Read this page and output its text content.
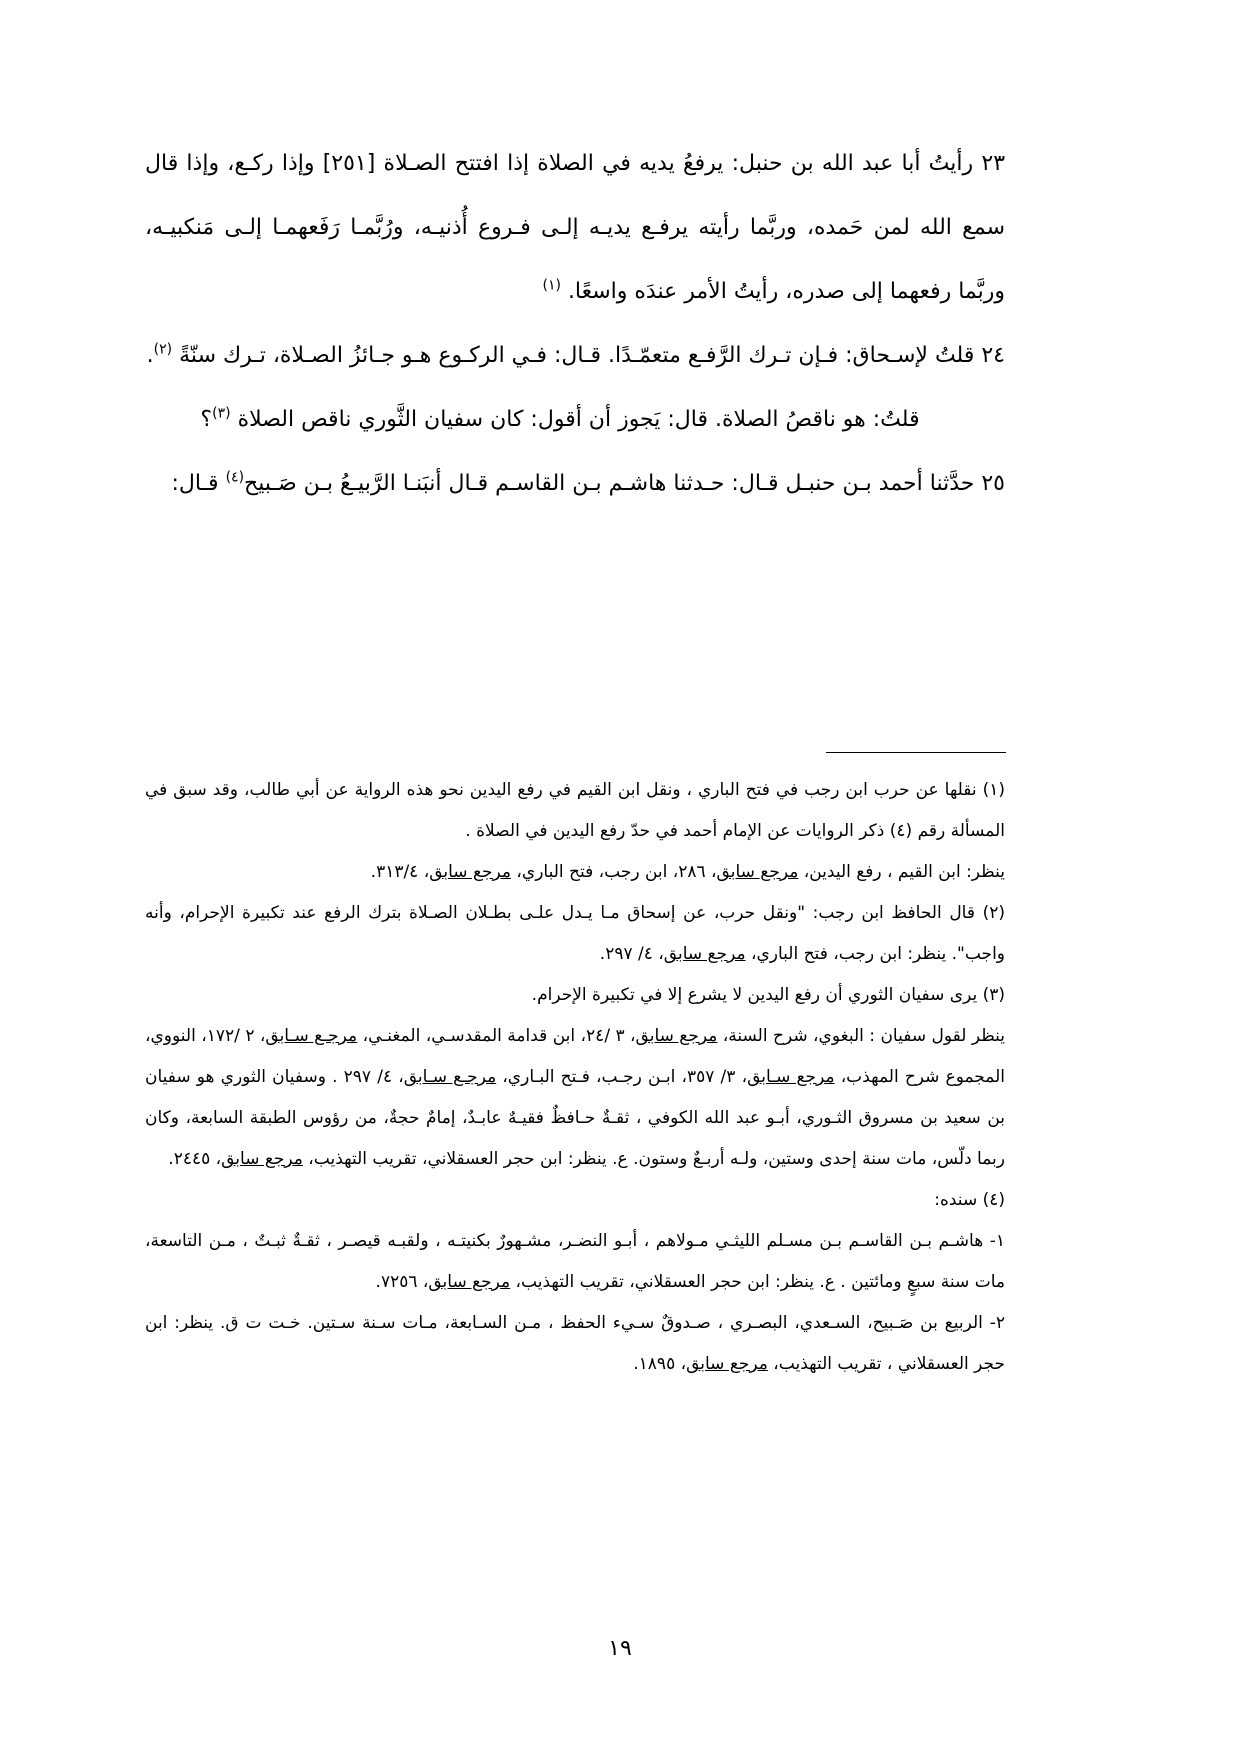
٢٣ رأيتُ أبا عبد الله بن حنبل: يرفعُ يديه في الصلاة إذا افتتح الصـلاة [٢٥١] وإذا ركـع، وإذا قال سمع الله لمن حَمده، وربَّما رأيته يرفـع يديـه إلـى فـروع أُذنيـه، ورُبَّمـا رَفَعهمـا إلـى مَنكبيـه، وربَّما رفعهما إلى صدره، رأيتُ الأمر عندَه واسعًا. $^{(١)}$

٢٤ قلتُ لإسـحاق: فـإن تـرك الرَّفـع متعمّـدًا. قـال: فـي الركـوع هـو جـائزُ الصـلاة، تـرك سنّةً $^{(٢)}$.

قلتُ: هو ناقصُ الصلاة. قال: يَجوز أن أقول: كان سفيان الثَّوري ناقص الصلاة $^{(٣)}$؟

٢٥ حدَّثنا أحمد بـن حنبـل قـال: حـدثنا هاشـم بـن القاسـم قـال أنبَنـا الرَّبيـعُ بـن صَـبيح$^{(٤)}$ قـال:

(١) نقلها عن حرب ابن رجب في فتح الباري ، ونقل ابن القيم في رفع اليدين نحو هذه الرواية عن أبي طالب، وقد سبق في المسألة رقم (٤) ذكر الروايات عن الإمام أحمد في حدّ رفع اليدين في الصلاة .

ينظر: ابن القيم ، رفع اليدين، مرجع سابق، ٢٨٦، ابن رجب، فتح الباري، مرجع سابق، ٣١٣/٤.

(٢) قال الحافظ ابن رجب: "ونقل حرب، عن إسحاق مـا يـدل علـى بطـلان الصـلاة بترك الرفع عند تكبيرة الإحرام، وأنه واجب". ينظر: ابن رجب، فتح الباري، مرجع سابق، ٤/ ٢٩٧.

(٣) يرى سفيان الثوري أن رفع اليدين لا يشرع إلا في تكبيرة الإحرام.

ينظر لقول سفيان : البغوي، شرح السنة، مرجع سابق، ٣ /٢٤، ابن قدامة المقدسـي، المغنـي، مرجـع سـابق، ٢ /١٧٢، النووي، المجموع شرح المهذب، مرجع سـابق، ٣/ ٣٥٧، ابـن رجـب، فـتح البـاري، مرجـع سـابق، ٤/ ٢٩٧ . وسفيان الثوري هو سفيان بن سعيد بن مسروق الثـوري، أبـو عبد الله الكوفي ، ثقـةٌ حـافظٌ فقيـهٌ عابـدٌ، إمامٌ حجةٌ، من رؤوس الطبقة السابعة، وكان ربما دلّس، مات سنة إحدى وستين، ولـه أربـعٌ وستون. ع. ينظر: ابن حجر العسقلاني، تقريب التهذيب، مرجع سابق، ٢٤٤٥.

(٤) سنده:

١- هاشـم بـن القاسـم بـن مسـلم الليثـي مـولاهم ، أبـو النضـر، مشـهورٌ بكنيتـه ، ولقبـه قيصـر ، ثقـةٌ ثبـتٌ ، مـن التاسعة، مات سنة سبعٍ ومائتين . ع. ينظر: ابن حجر العسقلاني، تقريب التهذيب، مرجع سابق، ٧٢٥٦.

٢- الربيع بن صَـبيح، السـعدي، البصـري ، صـدوقٌ سـيء الحفظ ، مـن السـابعة، مـات سـنة سـتين. خـت ت ق. ينظر: ابن حجر العسقلاني ، تقريب التهذيب، مرجع سابق، ١٨٩٥.

١٩
